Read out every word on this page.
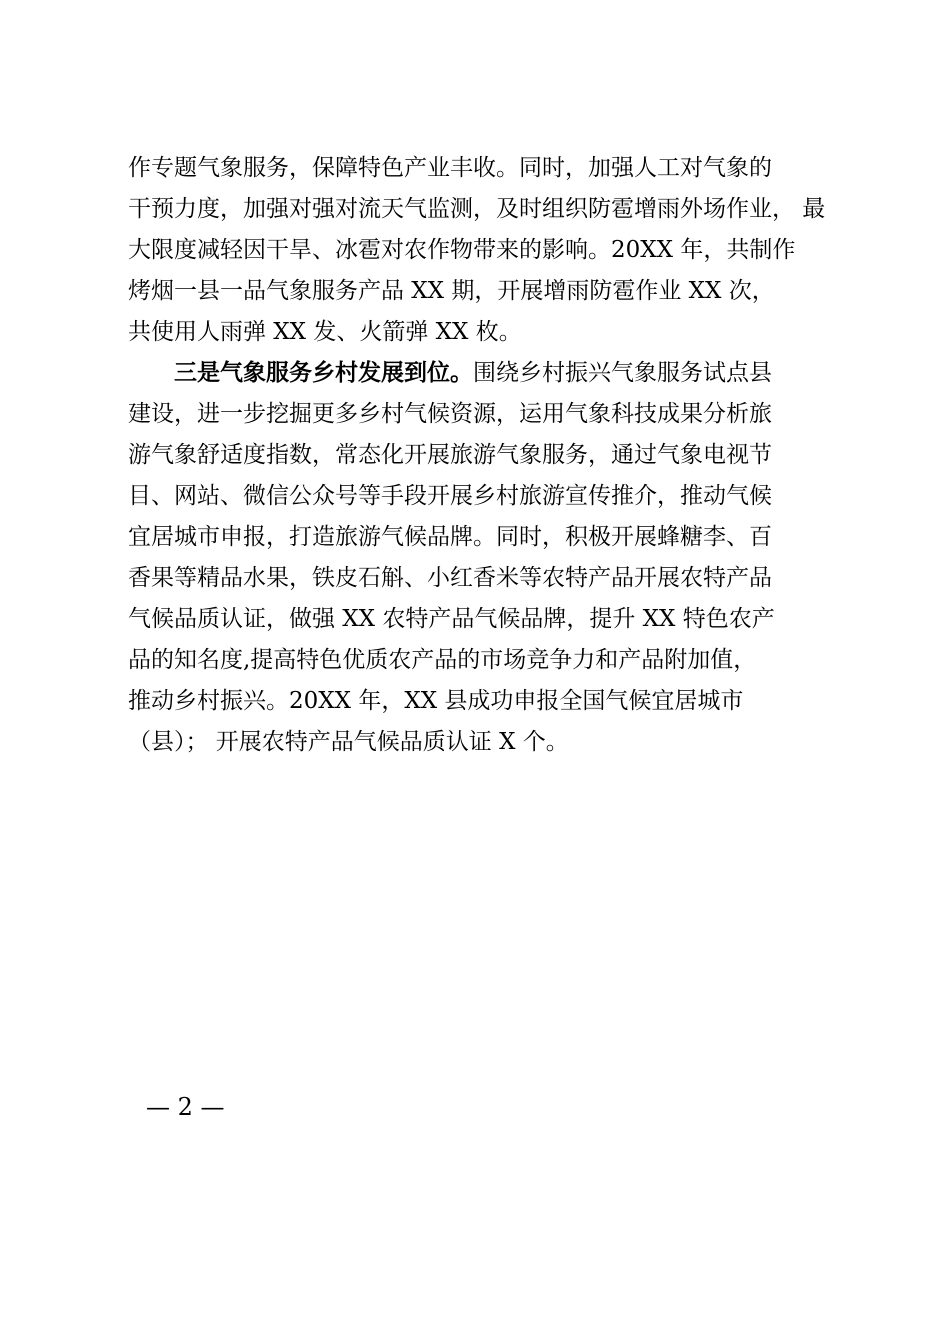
作专题气象服务，保障特色产业丰收。同时，加强人工对气象的
干预力度，加强对强对流天气监测，及时组织防雹增雨外场作业， 最
大限度减轻因干旱、冰雹对农作物带来的影响。20XX 年，共制作
烤烟一县一品气象服务产品 XX 期，开展增雨防雹作业 XX 次，
共使用人雨弹 XX 发、火箭弹 XX 枚。
三是气象服务乡村发展到位。围绕乡村振兴气象服务试点县
建设，进一步挖掘更多乡村气候资源，运用气象科技成果分析旅
游气象舒适度指数，常态化开展旅游气象服务，通过气象电视节
目、网站、微信公众号等手段开展乡村旅游宣传推介，推动气候
宜居城市申报，打造旅游气候品牌。同时，积极开展蜂糖李、百
香果等精品水果，铁皮石斛、小红香米等农特产品开展农特产品
气候品质认证，做强 XX 农特产品气候品牌，提升 XX 特色农产
品的知名度,提高特色优质农产品的市场竞争力和产品附加值，
推动乡村振兴。20XX 年，XX 县成功申报全国气候宜居城市
（县）； 开展农特产品气候品质认证 X 个。
— 2 —
